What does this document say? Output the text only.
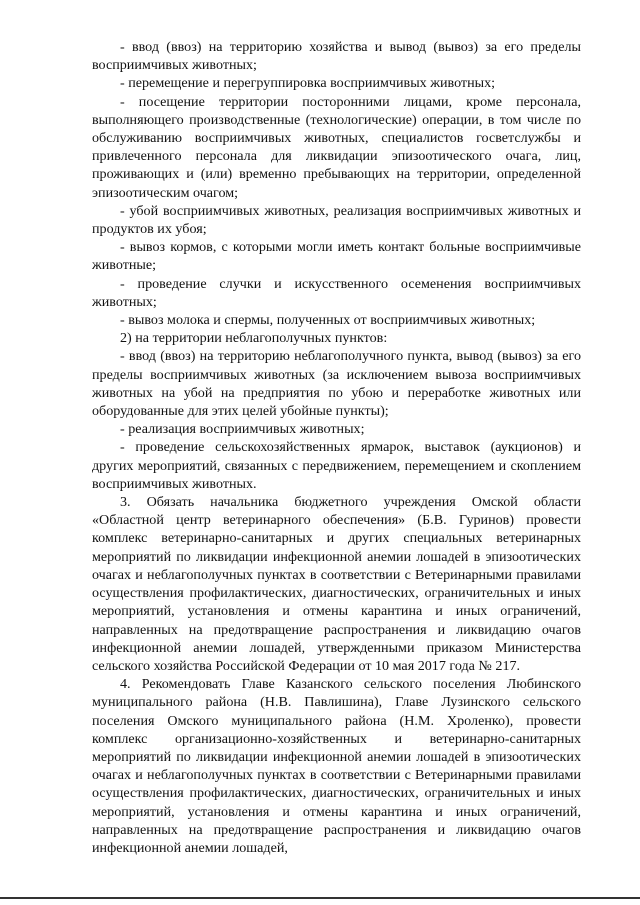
- ввод (ввоз) на территорию хозяйства и вывод (вывоз) за его пределы восприимчивых животных;

- перемещение и перегруппировка восприимчивых животных;

- посещение территории посторонними лицами, кроме персонала, выполняющего производственные (технологические) операции, в том числе по обслуживанию восприимчивых животных, специалистов госветслужбы и привлеченного персонала для ликвидации эпизоотического очага, лиц, проживающих и (или) временно пребывающих на территории, определенной эпизоотическим очагом;

- убой восприимчивых животных, реализация восприимчивых животных и продуктов их убоя;

- вывоз кормов, с которыми могли иметь контакт больные восприимчивые животные;

- проведение случки и искусственного осеменения восприимчивых животных;

- вывоз молока и спермы, полученных от восприимчивых животных;

2) на территории неблагополучных пунктов:

- ввод (ввоз) на территорию неблагополучного пункта, вывод (вывоз) за его пределы восприимчивых животных (за исключением вывоза восприимчивых животных на убой на предприятия по убою и переработке животных или оборудованные для этих целей убойные пункты);

- реализация восприимчивых животных;

- проведение сельскохозяйственных ярмарок, выставок (аукционов) и других мероприятий, связанных с передвижением, перемещением и скоплением восприимчивых животных.

3. Обязать начальника бюджетного учреждения Омской области «Областной центр ветеринарного обеспечения» (Б.В. Гуринов) провести комплекс ветеринарно-санитарных и других специальных ветеринарных мероприятий по ликвидации инфекционной анемии лошадей в эпизоотических очагах и неблагополучных пунктах в соответствии с Ветеринарными правилами осуществления профилактических, диагностических, ограничительных и иных мероприятий, установления и отмены карантина и иных ограничений, направленных на предотвращение распространения и ликвидацию очагов инфекционной анемии лошадей, утвержденными приказом Министерства сельского хозяйства Российской Федерации от 10 мая 2017 года № 217.

4. Рекомендовать Главе Казанского сельского поселения Любинского муниципального района (Н.В. Павлишина), Главе Лузинского сельского поселения Омского муниципального района (Н.М. Хроленко), провести комплекс организационно-хозяйственных и ветеринарно-санитарных мероприятий по ликвидации инфекционной анемии лошадей в эпизоотических очагах и неблагополучных пунктах в соответствии с Ветеринарными правилами осуществления профилактических, диагностических, ограничительных и иных мероприятий, установления и отмены карантина и иных ограничений, направленных на предотвращение распространения и ликвидацию очагов инфекционной анемии лошадей,
